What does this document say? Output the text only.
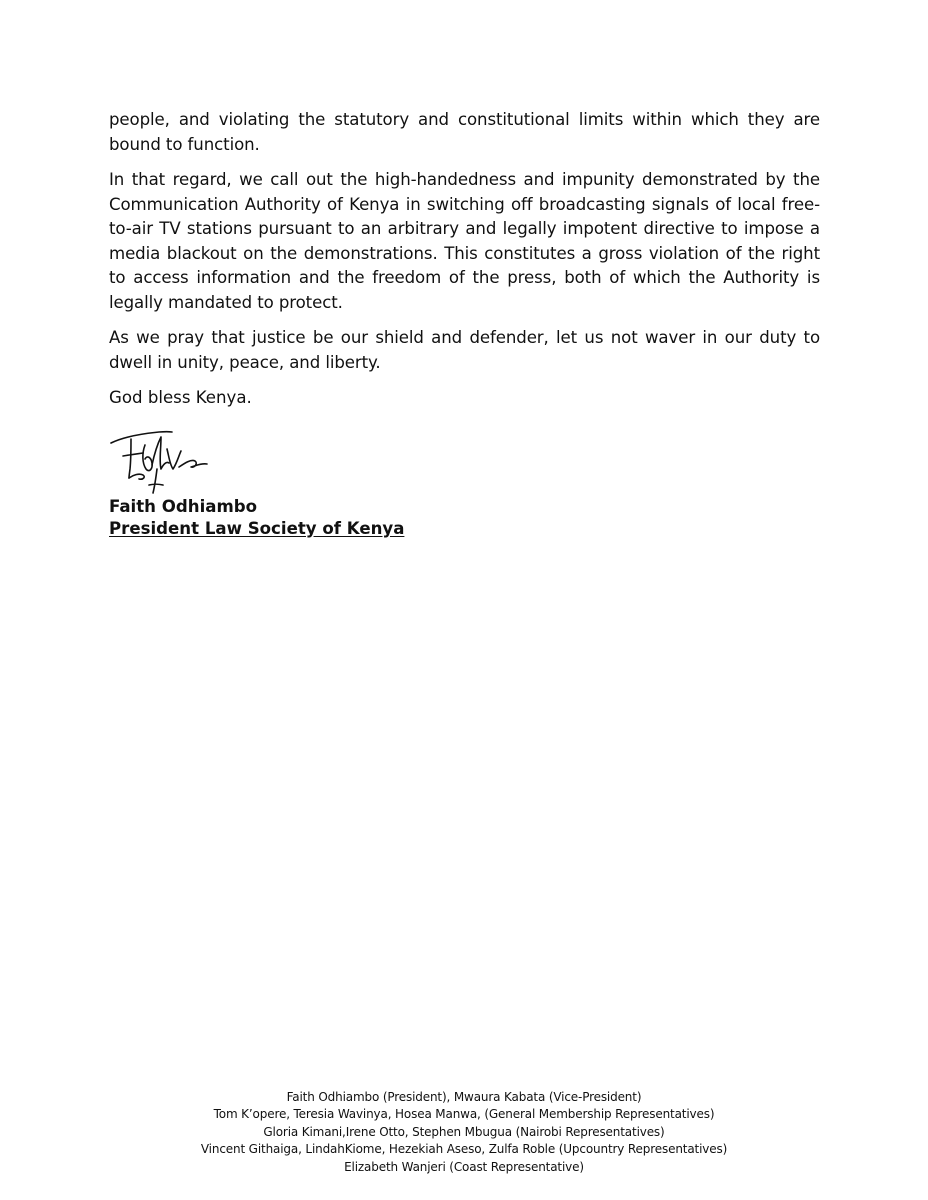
people, and violating the statutory and constitutional limits within which they are bound to function.

In that regard, we call out the high-handedness and impunity demonstrated by the Communication Authority of Kenya in switching off broadcasting signals of local free-to-air TV stations pursuant to an arbitrary and legally impotent directive to impose a media blackout on the demonstrations. This constitutes a gross violation of the right to access information and the freedom of the press, both of which the Authority is legally mandated to protect.

As we pray that justice be our shield and defender, let us not waver in our duty to dwell in unity, peace, and liberty.

God bless Kenya.

Faith Odhiambo
President Law Society of Kenya
Faith Odhiambo (President), Mwaura Kabata (Vice-President)
Tom K’opere, Teresia Wavinya, Hosea Manwa, (General Membership Representatives)
Gloria Kimani,Irene Otto, Stephen Mbugua (Nairobi Representatives)
Vincent Githaiga, LindahKiome, Hezekiah Aseso, Zulfa Roble (Upcountry Representatives)
Elizabeth Wanjeri (Coast Representative)
